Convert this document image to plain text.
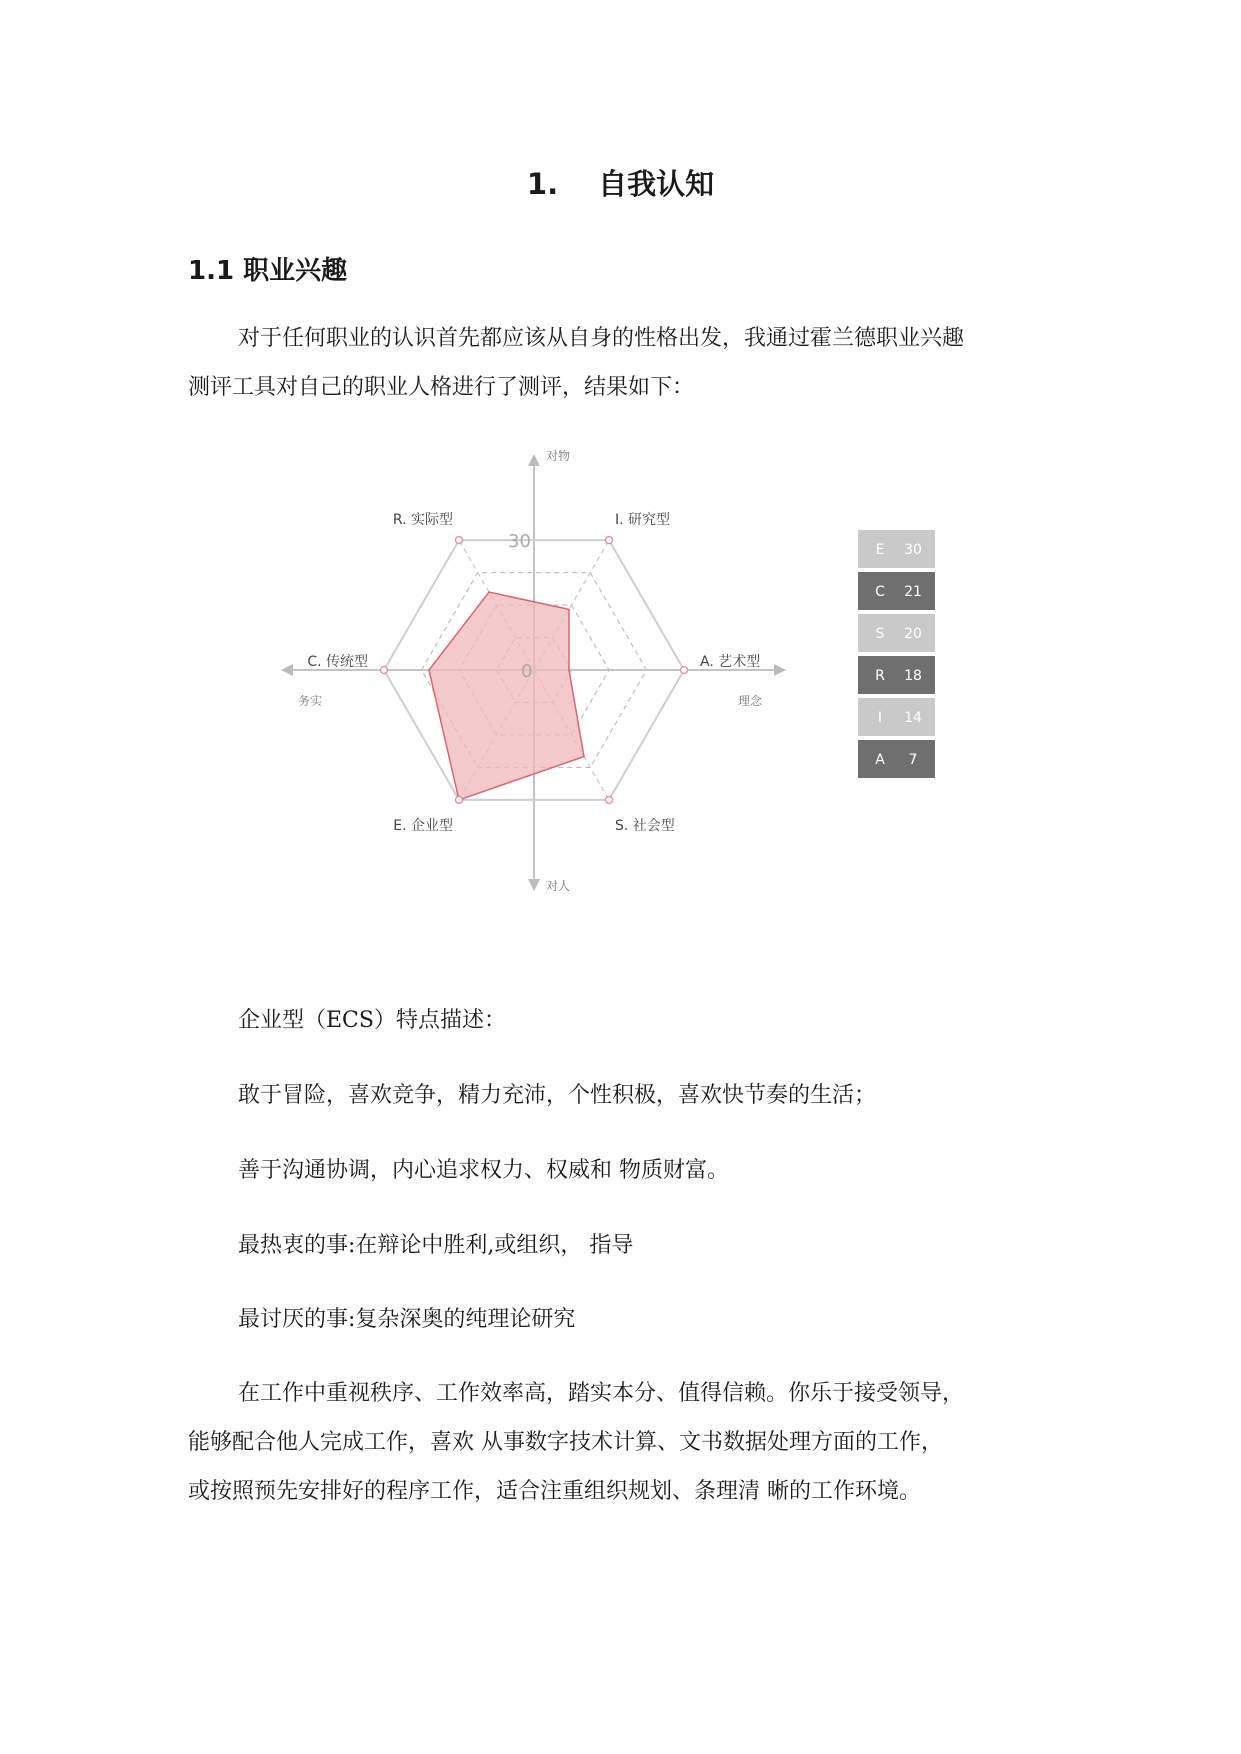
1. 自我认知
1.1 职业兴趣
对于任何职业的认识首先都应该从自身的性格出发，我通过霍兰德职业兴趣
测评工具对自己的职业人格进行了测评，结果如下：
对物
对人
务实	理念
30
0
I. 研究型
A. 艺术型
S. 社会型
E. 企业型
C. 传统型
R. 实际型
E 30
C 21
S 20
R 18
I 14
A 7
企业型（ECS）特点描述：
敢于冒险，喜欢竞争，精力充沛，个性积极，喜欢快节奏的生活；
善于沟通协调，内心追求权力、权威和 物质财富。
最热衷的事:在辩论中胜利,或组织， 指导
最讨厌的事:复杂深奥的纯理论研究
在工作中重视秩序、工作效率高，踏实本分、值得信赖。你乐于接受领导，
能够配合他人完成工作，喜欢 从事数字技术计算、文书数据处理方面的工作，
或按照预先安排好的程序工作，适合注重组织规划、条理清 晰的工作环境。
